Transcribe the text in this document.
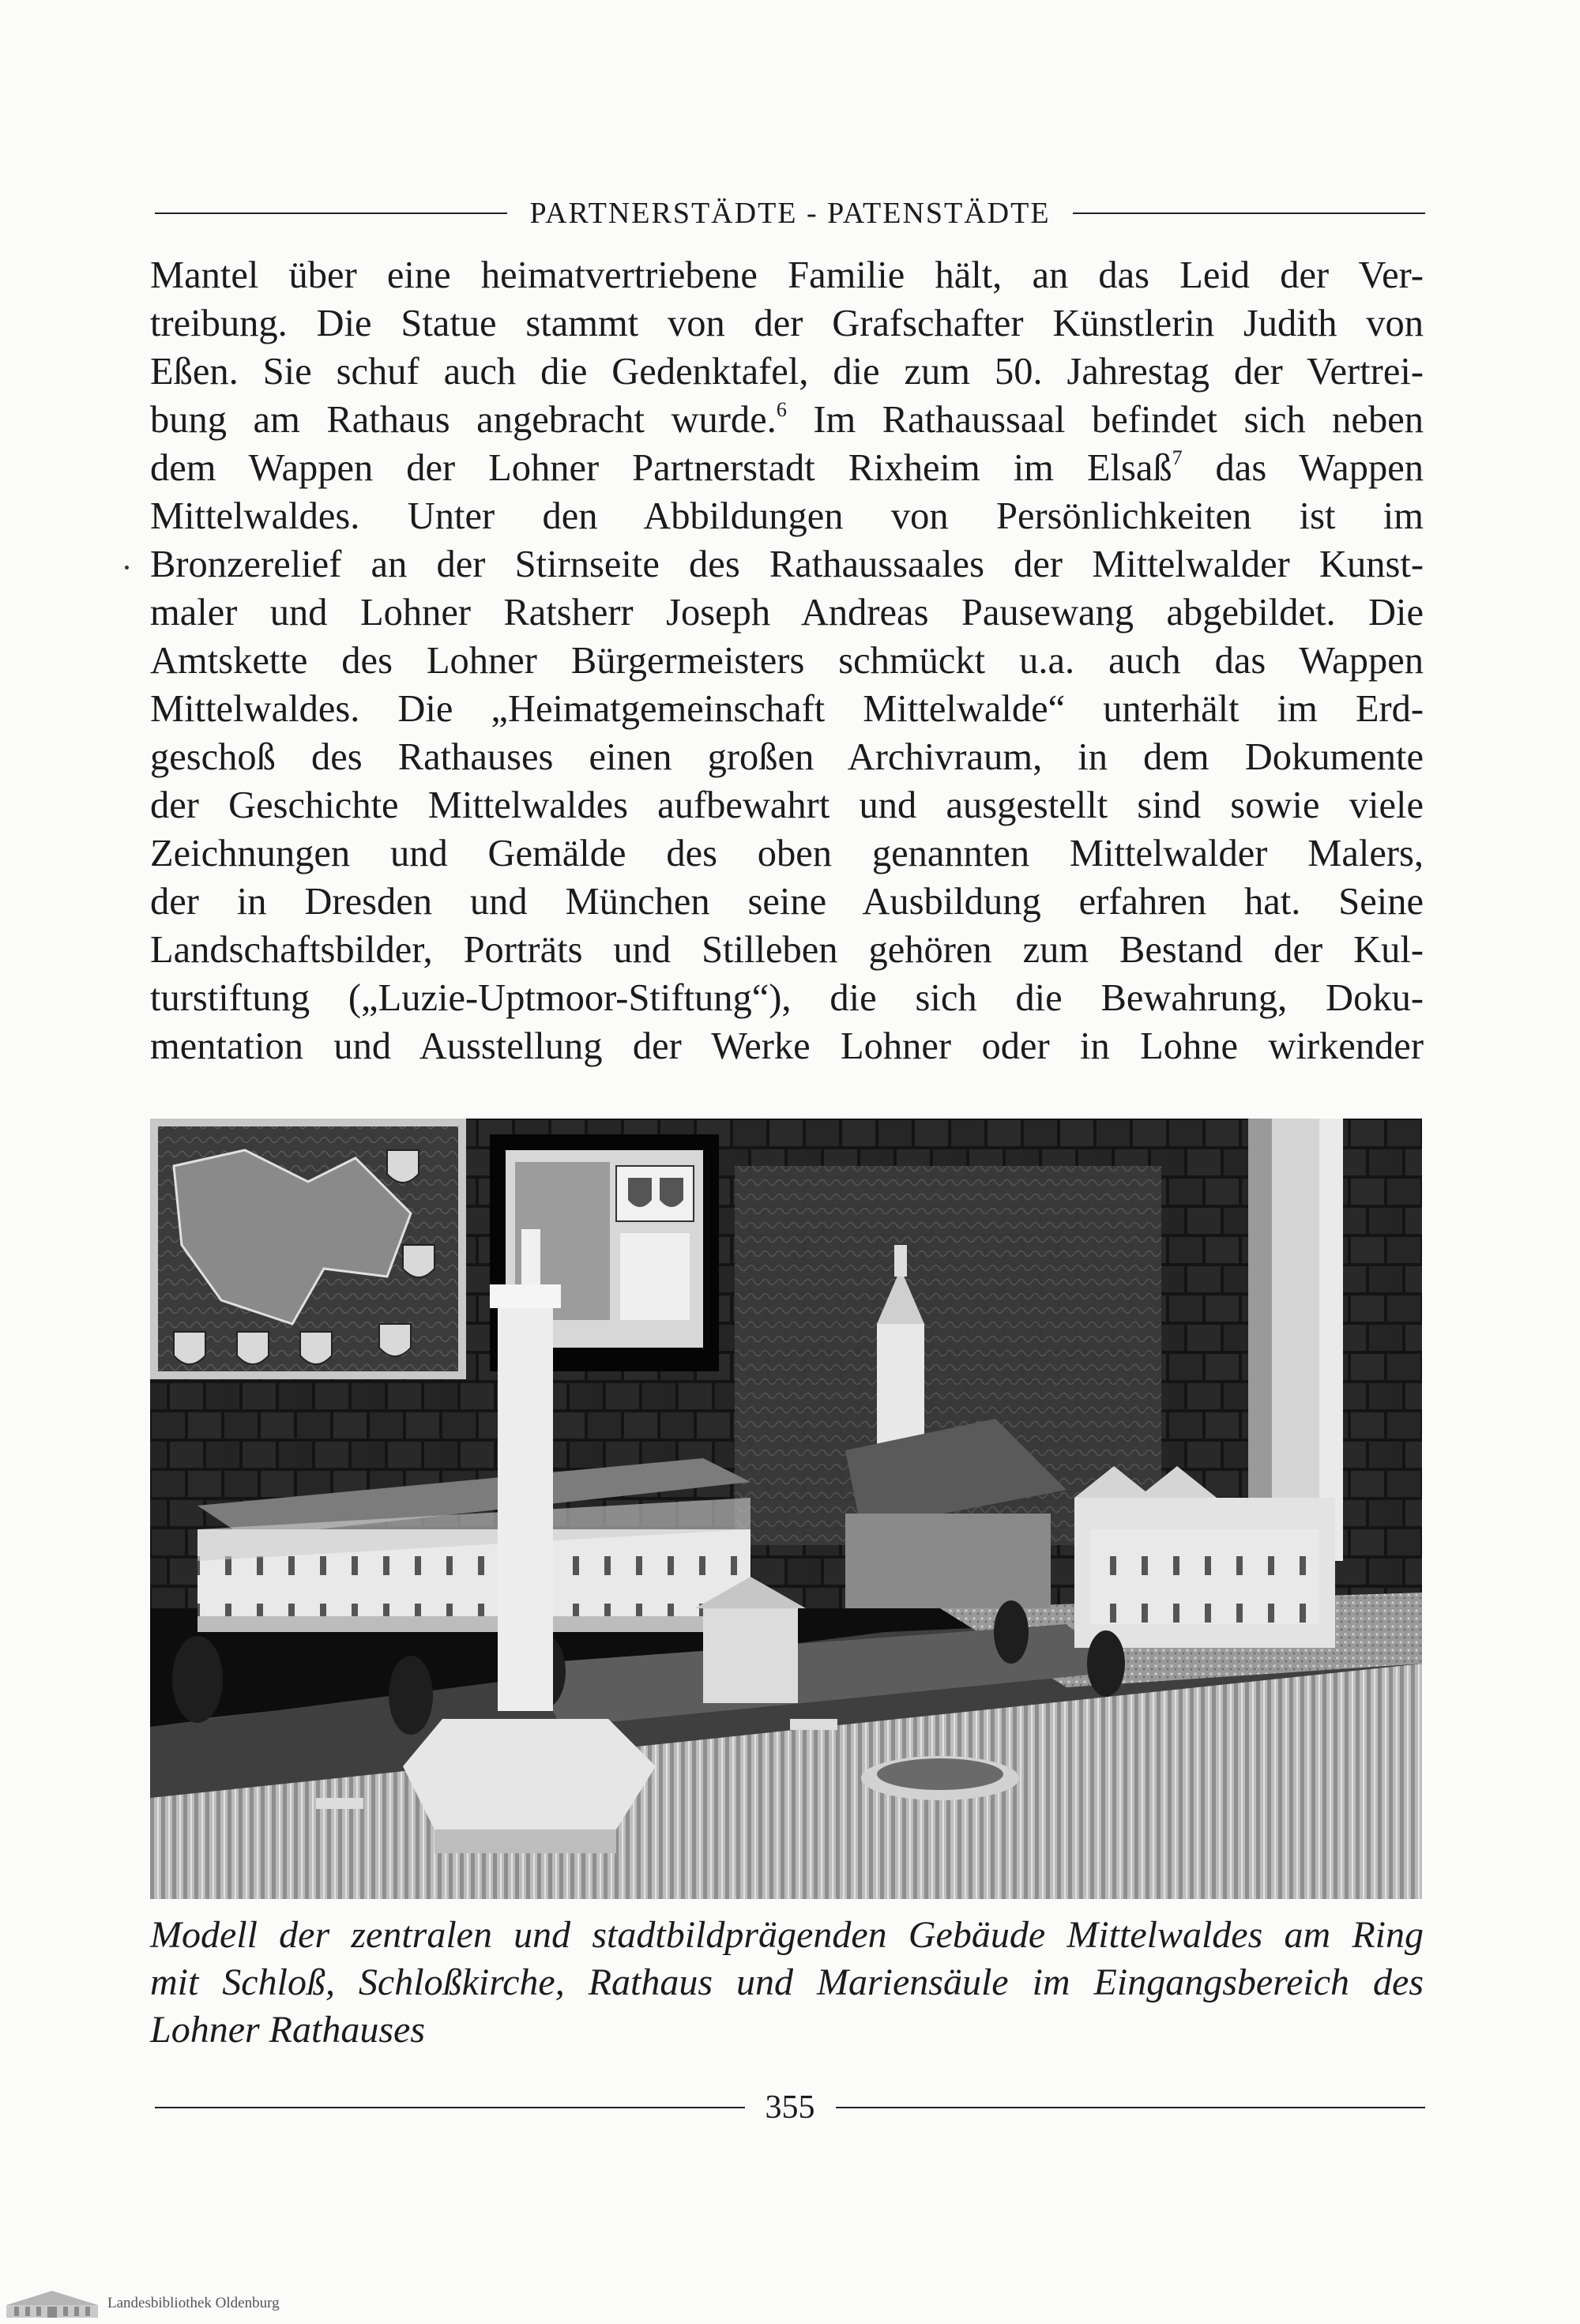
PARTNERSTÄDTE - PATENSTÄDTE
Mantel über eine heimatvertriebene Familie hält, an das Leid der Ver-
treibung. Die Statue stammt von der Grafschafter Künstlerin Judith von
Eßen. Sie schuf auch die Gedenktafel, die zum 50. Jahrestag der Vertrei-
bung am Rathaus angebracht wurde.$^6$ Im Rathaussaal befindet sich neben
dem Wappen der Lohner Partnerstadt Rixheim im Elsaß$^7$ das Wappen
Mittelwaldes. Unter den Abbildungen von Persönlichkeiten ist im
Bronzerelief an der Stirnseite des Rathaussaales der Mittelwalder Kunst-
maler und Lohner Ratsherr Joseph Andreas Pausewang abgebildet. Die
Amtskette des Lohner Bürgermeisters schmückt u.a. auch das Wappen
Mittelwaldes. Die „Heimatgemeinschaft Mittelwalde“ unterhält im Erd-
geschoß des Rathauses einen großen Archivraum, in dem Dokumente
der Geschichte Mittelwaldes aufbewahrt und ausgestellt sind sowie viele
Zeichnungen und Gemälde des oben genannten Mittelwalder Malers,
der in Dresden und München seine Ausbildung erfahren hat. Seine
Landschaftsbilder, Porträts und Stilleben gehören zum Bestand der Kul-
turstiftung („Luzie-Uptmoor-Stiftung“), die sich die Bewahrung, Doku-
mentation und Ausstellung der Werke Lohner oder in Lohne wirkender
Modell der zentralen und stadtbildprägenden Gebäude Mittelwaldes am Ring
mit Schloß, Schloßkirche, Rathaus und Mariensäule im Eingangsbereich des
Lohner Rathauses
355
Landesbibliothek Oldenburg
